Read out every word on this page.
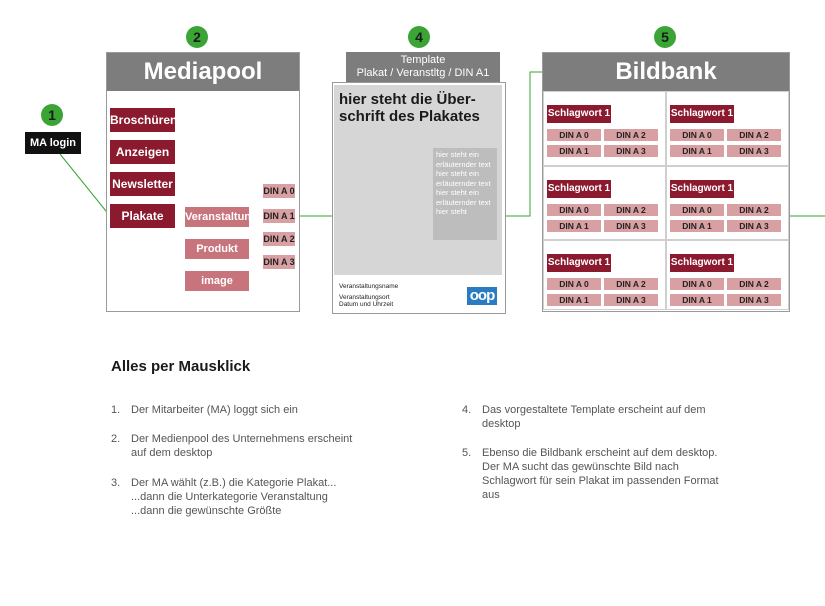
1
2	4	5
MA login
Mediapool
Broschüren
Anzeigen
Newsletter
Plakate	Veranstaltung
Produkt
image
DIN A 0
DIN A 1
DIN A 2
DIN A 3
Template
Plakat / Veranstltg / DIN A1
hier steht die Über-
schrift des Plakates
hier steht ein erläuternder text hier steht ein erläuternder text hier steht ein erläuternder text hier steht
Veranstaltungsname
Veranstaltungsort
Datum und Uhrzeit
oop
Bildbank
Schlagwort 1
DIN A 0	DIN A 2
DIN A 1	DIN A 3
Schlagwort 1
DIN A 0	DIN A 2
DIN A 1	DIN A 3
Schlagwort 1
DIN A 0	DIN A 2
DIN A 1	DIN A 3
Schlagwort 1
DIN A 0	DIN A 2
DIN A 1	DIN A 3
Schlagwort 1
DIN A 0	DIN A 2
DIN A 1	DIN A 3
Schlagwort 1
DIN A 0	DIN A 2
DIN A 1	DIN A 3
Alles per Mausklick
1. Der Mitarbeiter (MA) loggt sich ein
2. Der Medienpool des Unternehmens erscheint
auf dem desktop
3. Der MA wählt (z.B.) die Kategorie Plakat...
...dann die Unterkategorie Veranstaltung
...dann die gewünschte Größte
4. Das vorgestaltete Template erscheint auf dem
desktop
5. Ebenso die Bildbank erscheint auf dem desktop.
Der MA sucht das gewünschte Bild nach
Schlagwort für sein Plakat im passenden Format
aus
